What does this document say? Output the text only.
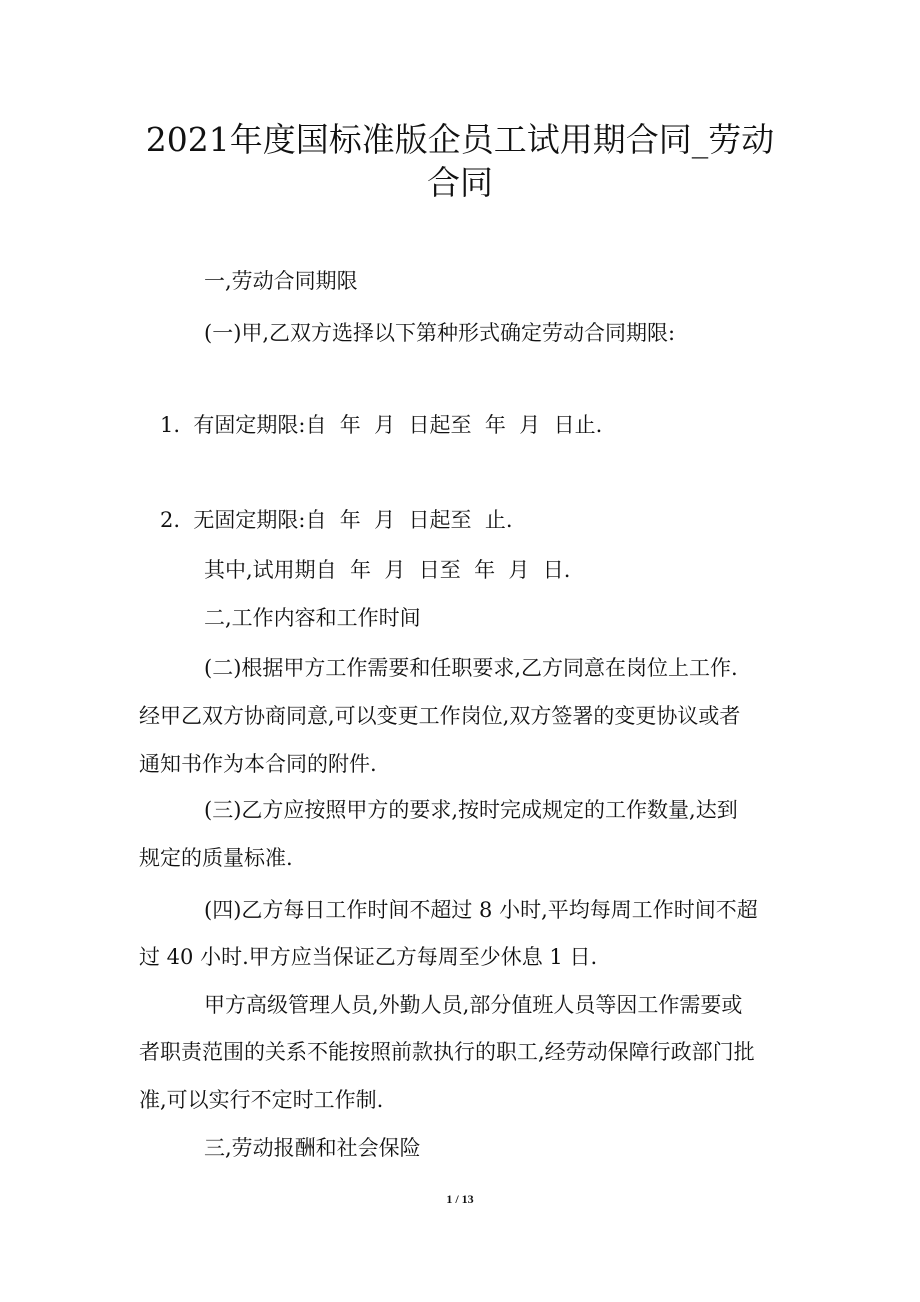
2021年度国标准版企员工试用期合同_劳动
合同
一,劳动合同期限
(一)甲,乙双方选择以下第种形式确定劳动合同期限:
1.  有固定期限:自  年  月  日起至  年  月  日止.
2.  无固定期限:自  年  月  日起至  止.
其中,试用期自  年  月  日至  年  月  日.
二,工作内容和工作时间
(二)根据甲方工作需要和任职要求,乙方同意在岗位上工作.
经甲乙双方协商同意,可以变更工作岗位,双方签署的变更协议或者
通知书作为本合同的附件.
(三)乙方应按照甲方的要求,按时完成规定的工作数量,达到
规定的质量标准.
(四)乙方每日工作时间不超过 8 小时,平均每周工作时间不超
过 40 小时.甲方应当保证乙方每周至少休息 1 日.
甲方高级管理人员,外勤人员,部分值班人员等因工作需要或
者职责范围的关系不能按照前款执行的职工,经劳动保障行政部门批
准,可以实行不定时工作制.
三,劳动报酬和社会保险
1 / 13
